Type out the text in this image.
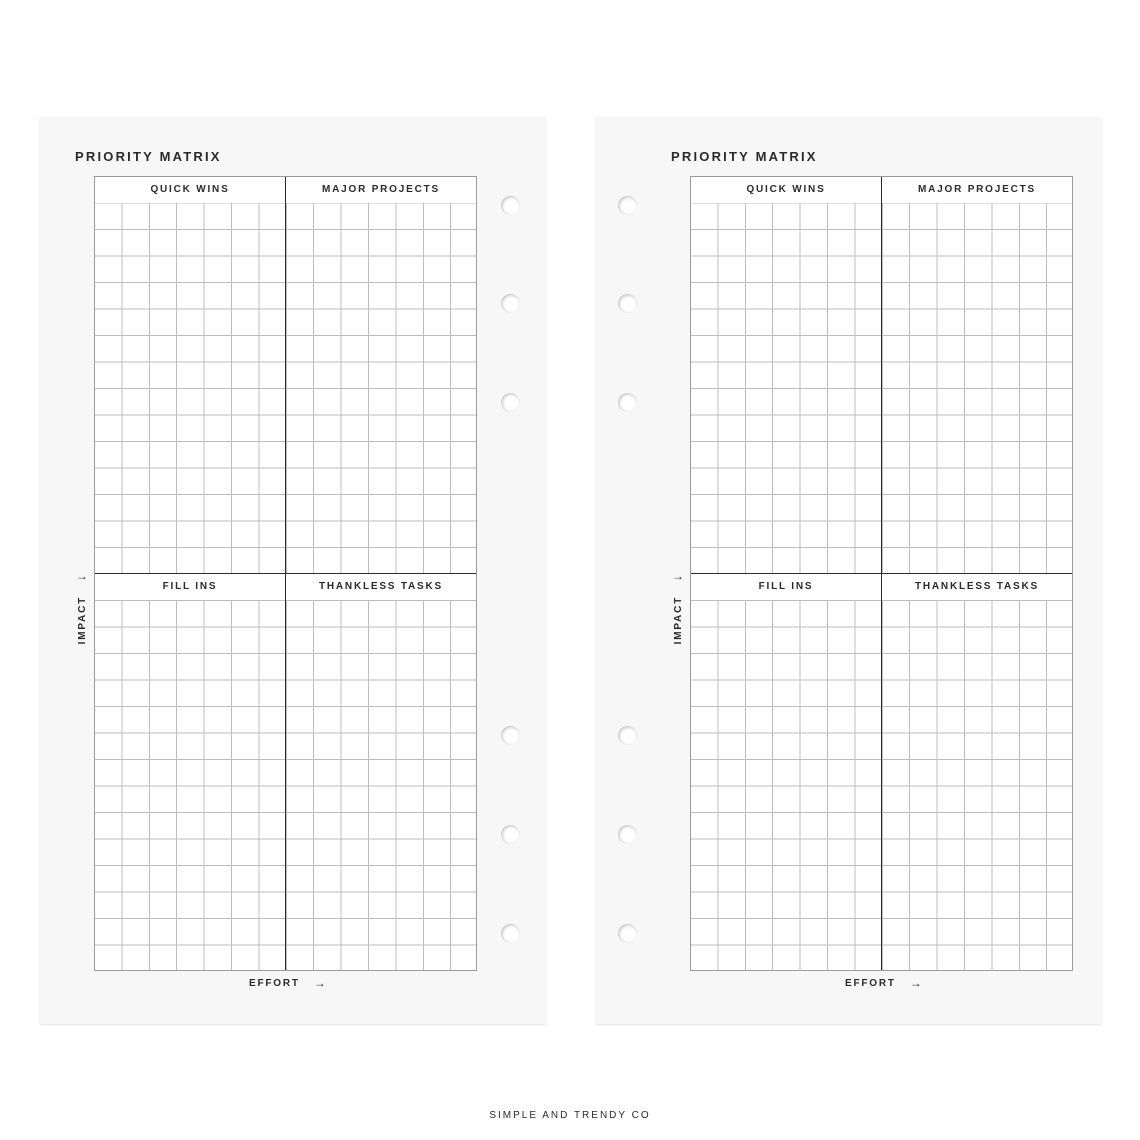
PRIORITY MATRIX
QUICK WINS	MAJOR PROJECTS
FILL INS	THANKLESS TASKS
→
IMPACT
EFFORT →
PRIORITY MATRIX
QUICK WINS	MAJOR PROJECTS
FILL INS	THANKLESS TASKS
→
IMPACT
EFFORT →
SIMPLE AND TRENDY CO
